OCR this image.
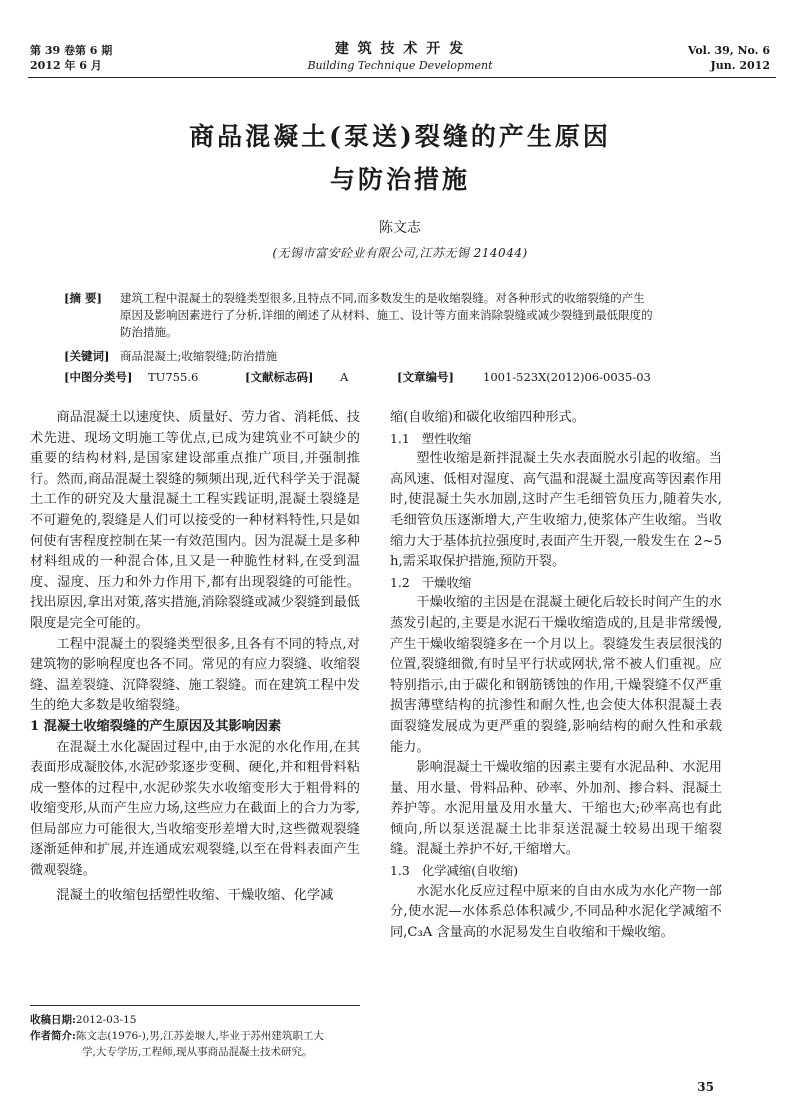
第 39 卷第 6 期
2012 年 6 月
建 筑 技 术 开 发
Building Technique Development
Vol. 39, No. 6
Jun. 2012
商品混凝土(泵送)裂缝的产生原因
与防治措施
陈文志
(无锡市富安砼业有限公司,江苏无锡 214044)
[摘 要] 建筑工程中混凝土的裂缝类型很多,且特点不同,而多数发生的是收缩裂缝。对各种形式的收缩裂缝的产生
原因及影响因素进行了分析,详细的阐述了从材料、施工、设计等方面来消除裂缝或减少裂缝到最低限度的
防治措施。
[关键词] 商品混凝土;收缩裂缝;防治措施
[中图分类号] TU755.6	[文献标志码] A	[文章编号]	1001-523X(2012)06-0035-03

商品混凝土以速度快、质量好、劳力省、消耗低、技术先进、现场文明施工等优点,已成为建筑业不可缺少的重要的结构材料,是国家建设部重点推广项目,并强制推行。然而,商品混凝土裂缝的频频出现,近代科学关于混凝土工作的研究及大量混凝土工程实践证明,混凝土裂缝是不可避免的,裂缝是人们可以接受的一种材料特性,只是如何使有害程度控制在某一有效范围内。因为混凝土是多种材料组成的一种混合体,且又是一种脆性材料,在受到温度、湿度、压力和外力作用下,都有出现裂缝的可能性。找出原因,拿出对策,落实措施,消除裂缝或减少裂缝到最低限度是完全可能的。

工程中混凝土的裂缝类型很多,且各有不同的特点,对建筑物的影响程度也各不同。常见的有应力裂缝、收缩裂缝、温差裂缝、沉降裂缝、施工裂缝。而在建筑工程中发生的绝大多数是收缩裂缝。

1 混凝土收缩裂缝的产生原因及其影响因素

在混凝土水化凝固过程中,由于水泥的水化作用,在其表面形成凝胶体,水泥砂浆逐步变稠、硬化,并和粗骨料粘成一整体的过程中,水泥砂浆失水收缩变形大于粗骨料的收缩变形,从而产生应力场,这些应力在截面上的合力为零,但局部应力可能很大,当收缩变形差增大时,这些微观裂缝逐渐延伸和扩展,并连通成宏观裂缝,以至在骨料表面产生微观裂缝。

混凝土的收缩包括塑性收缩、干燥收缩、化学减

收稿日期:2012-03-15
作者简介:陈文志(1976-),男,江苏姜堰人,毕业于苏州建筑职工大
学,大专学历,工程师,现从事商品混凝土技术研究。
缩(自收缩)和碳化收缩四种形式。
1.1 塑性收缩

塑性收缩是新拌混凝土失水表面脱水引起的收缩。当高风速、低相对湿度、高气温和混凝土温度高等因素作用时,使混凝土失水加剧,这时产生毛细管负压力,随着失水,毛细管负压逐渐增大,产生收缩力,使浆体产生收缩。当收缩力大于基体抗拉强度时,表面产生开裂,一般发生在 2~5 h,需采取保护措施,预防开裂。

1.2 干燥收缩

干燥收缩的主因是在混凝土硬化后较长时间产生的水蒸发引起的,主要是水泥石干燥收缩造成的,且是非常缓慢,产生干燥收缩裂缝多在一个月以上。裂缝发生表层很浅的位置,裂缝细微,有时呈平行状或网状,常不被人们重视。应特别指示,由于碳化和钢筋锈蚀的作用,干燥裂缝不仅严重损害薄壁结构的抗渗性和耐久性,也会使大体积混凝土表面裂缝发展成为更严重的裂缝,影响结构的耐久性和承载能力。

影响混凝土干燥收缩的因素主要有水泥品种、水泥用量、用水量、骨料品种、砂率、外加剂、掺合料、混凝土养护等。水泥用量及用水量大、干缩也大;砂率高也有此倾向,所以泵送混凝土比非泵送混凝土较易出现干缩裂缝。混凝土养护不好,干缩增大。

1.3 化学减缩(自收缩)

水泥水化反应过程中原来的自由水成为水化产物一部分,使水泥—水体系总体积减少,不同品种水泥化学减缩不同,C₃A 含量高的水泥易发生自收缩和干燥收缩。

35
